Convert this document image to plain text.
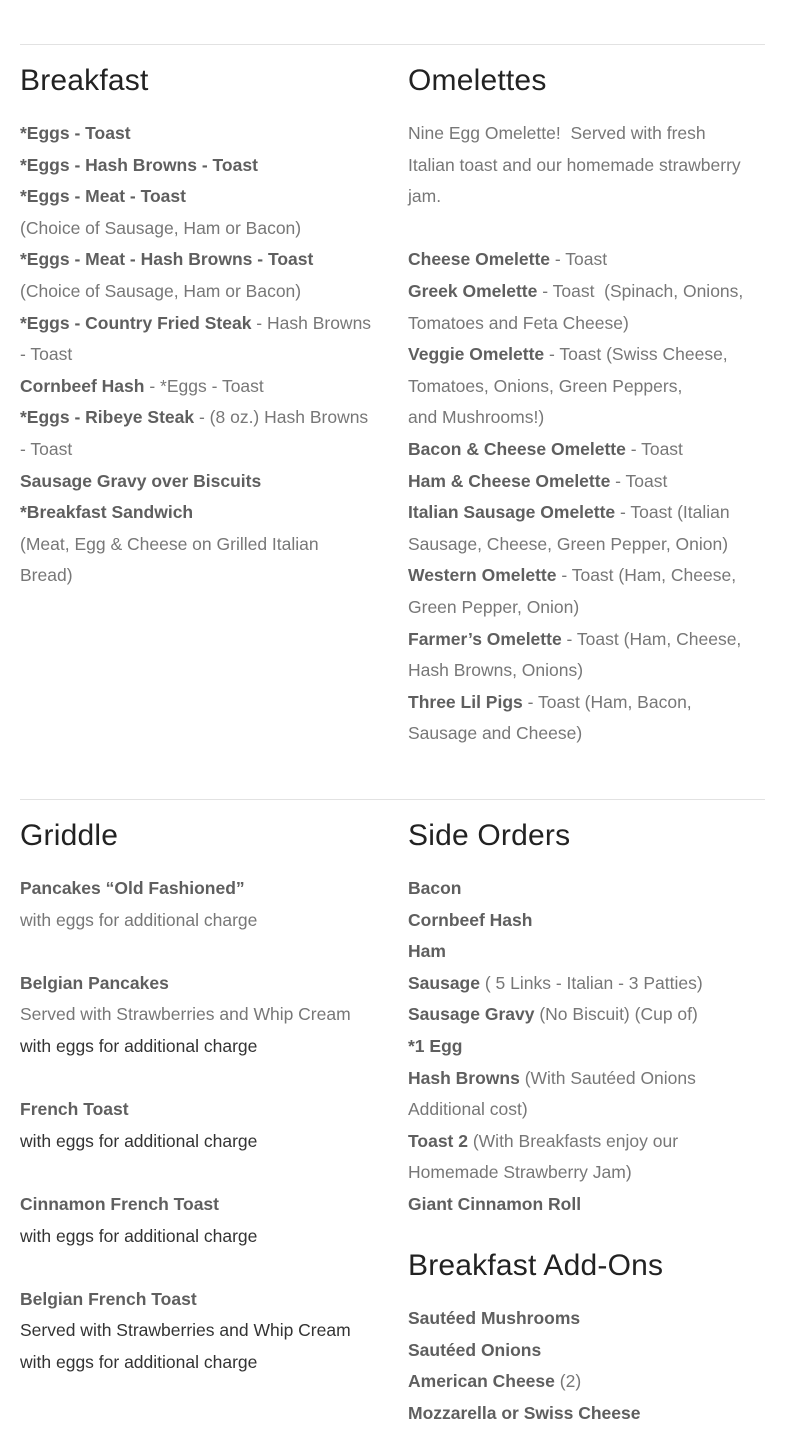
Breakfast
*Eggs - Toast
*Eggs - Hash Browns - Toast
*Eggs - Meat - Toast
(Choice of Sausage, Ham or Bacon)
*Eggs - Meat - Hash Browns - Toast
(Choice of Sausage, Ham or Bacon)
*Eggs - Country Fried Steak - Hash Browns
- Toast
Cornbeef Hash - *Eggs - Toast
*Eggs - Ribeye Steak - (8 oz.) Hash Browns
- Toast
Sausage Gravy over Biscuits
*Breakfast Sandwich
(Meat, Egg & Cheese on Grilled Italian
Bread)
Omelettes
Nine Egg Omelette!  Served with fresh
Italian toast and our homemade strawberry
jam.
Cheese Omelette - Toast
Greek Omelette - Toast  (Spinach, Onions,
Tomatoes and Feta Cheese)
Veggie Omelette - Toast (Swiss Cheese,
Tomatoes, Onions, Green Peppers,
and Mushrooms!)
Bacon & Cheese Omelette - Toast
Ham & Cheese Omelette - Toast
Italian Sausage Omelette - Toast (Italian
Sausage, Cheese, Green Pepper, Onion)
Western Omelette - Toast (Ham, Cheese,
Green Pepper, Onion)
Farmer’s Omelette - Toast (Ham, Cheese,
Hash Browns, Onions)
Three Lil Pigs - Toast (Ham, Bacon,
Sausage and Cheese)
Griddle
Pancakes “Old Fashioned”
with eggs for additional charge
Belgian Pancakes
Served with Strawberries and Whip Cream
with eggs for additional charge
French Toast
with eggs for additional charge
Cinnamon French Toast
with eggs for additional charge
Belgian French Toast
Served with Strawberries and Whip Cream
with eggs for additional charge
Side Orders
Bacon
Cornbeef Hash
Ham
Sausage ( 5 Links - Italian - 3 Patties)
Sausage Gravy (No Biscuit) (Cup of)
*1 Egg
Hash Browns (With Sautéed Onions
Additional cost)
Toast 2 (With Breakfasts enjoy our
Homemade Strawberry Jam)
Giant Cinnamon Roll
Breakfast Add-Ons
Sautéed Mushrooms
Sautéed Onions
American Cheese (2)
Mozzarella or Swiss Cheese
